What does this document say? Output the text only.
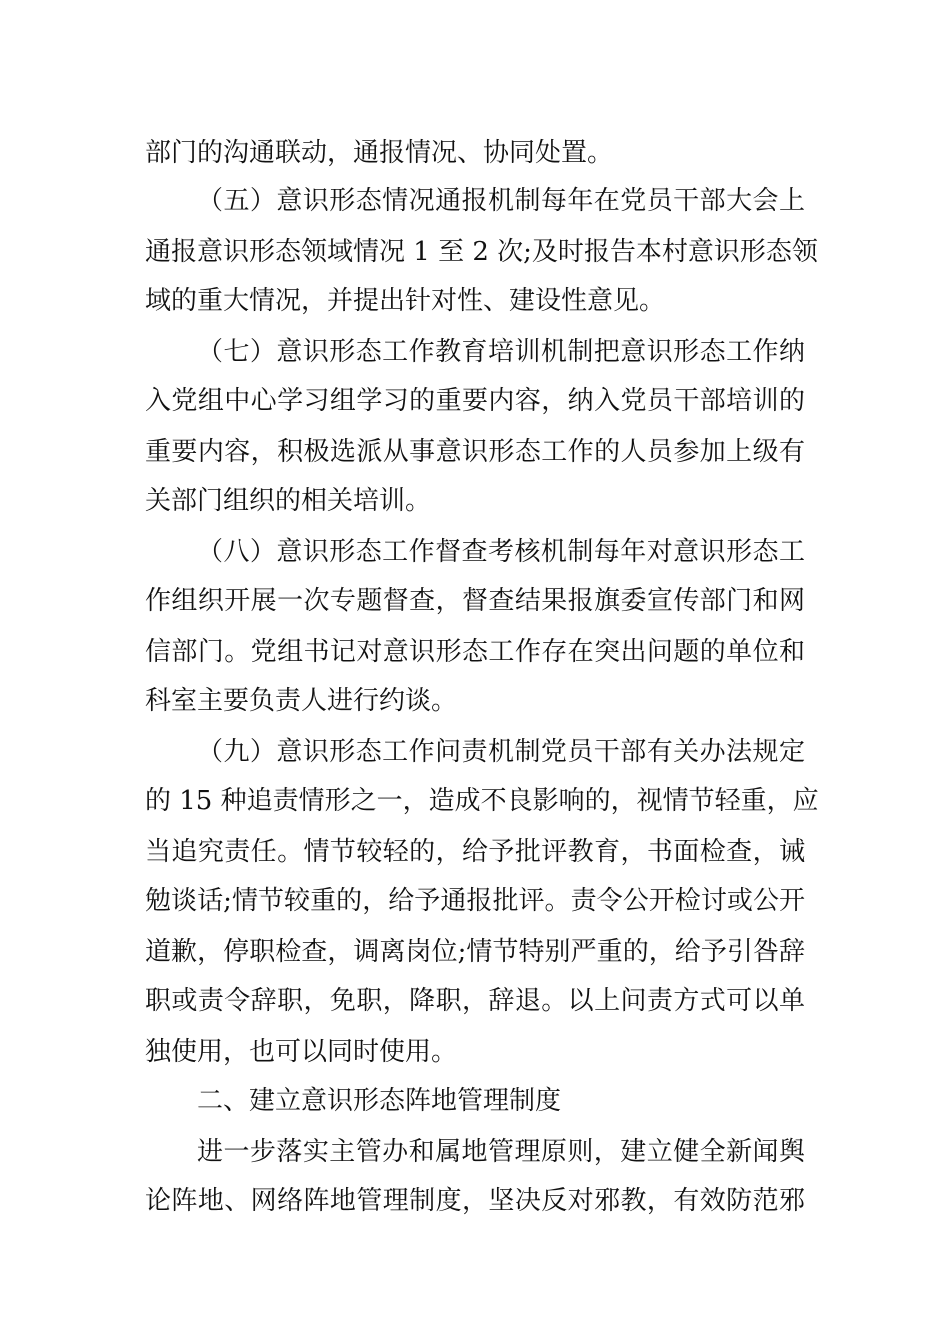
部门的沟通联动，通报情况、协同处置。
（五）意识形态情况通报机制每年在党员干部大会上
通报意识形态领域情况 1 至 2 次;及时报告本村意识形态领
域的重大情况，并提出针对性、建设性意见。
（七）意识形态工作教育培训机制把意识形态工作纳
入党组中心学习组学习的重要内容，纳入党员干部培训的
重要内容，积极选派从事意识形态工作的人员参加上级有
关部门组织的相关培训。
（八）意识形态工作督查考核机制每年对意识形态工
作组织开展一次专题督查，督查结果报旗委宣传部门和网
信部门。党组书记对意识形态工作存在突出问题的单位和
科室主要负责人进行约谈。
（九）意识形态工作问责机制党员干部有关办法规定
的 15 种追责情形之一，造成不良影响的，视情节轻重，应
当追究责任。情节较轻的，给予批评教育，书面检查，诫
勉谈话;情节较重的，给予通报批评。责令公开检讨或公开
道歉，停职检查，调离岗位;情节特别严重的，给予引咎辞
职或责令辞职，免职，降职，辞退。以上问责方式可以单
独使用，也可以同时使用。
二、建立意识形态阵地管理制度
进一步落实主管办和属地管理原则，建立健全新闻舆
论阵地、网络阵地管理制度，坚决反对邪教，有效防范邪
